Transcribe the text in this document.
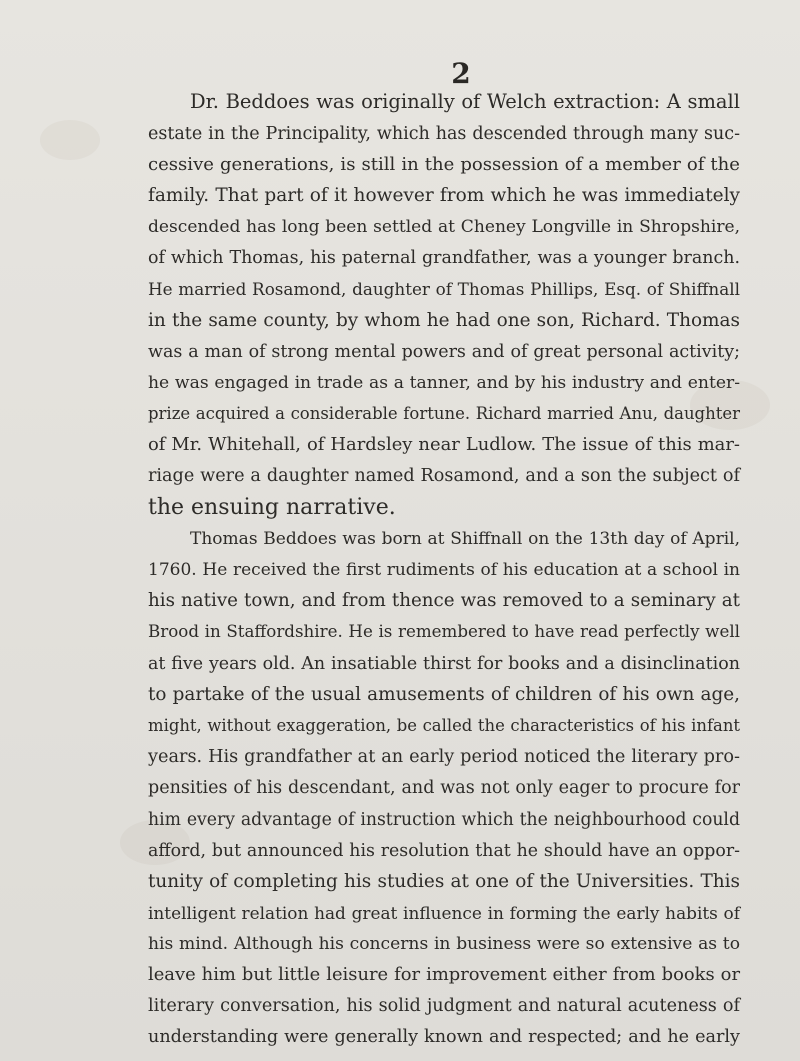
2
Dr. Beddoes was originally of Welch extraction: A small
estate in the Principality, which has descended through many suc-
cessive generations, is still in the possession of a member of the
family. That part of it however from which he was immediately
descended has long been settled at Cheney Longville in Shropshire,
of which Thomas, his paternal grandfather, was a younger branch.
He married Rosamond, daughter of Thomas Phillips, Esq. of Shiffnall
in the same county, by whom he had one son, Richard. Thomas
was a man of strong mental powers and of great personal activity;
he was engaged in trade as a tanner, and by his industry and enter-
prize acquired a considerable fortune. Richard married Anu, daughter
of Mr. Whitehall, of Hardsley near Ludlow. The issue of this mar-
riage were a daughter named Rosamond, and a son the subject of
the ensuing narrative.
Thomas Beddoes was born at Shiffnall on the 13th day of April,
1760. He received the first rudiments of his education at a school in
his native town, and from thence was removed to a seminary at
Brood in Staffordshire. He is remembered to have read perfectly well
at five years old. An insatiable thirst for books and a disinclination
to partake of the usual amusements of children of his own age,
might, without exaggeration, be called the characteristics of his infant
years. His grandfather at an early period noticed the literary pro-
pensities of his descendant, and was not only eager to procure for
him every advantage of instruction which the neighbourhood could
afford, but announced his resolution that he should have an oppor-
tunity of completing his studies at one of the Universities. This
intelligent relation had great influence in forming the early habits of
his mind. Although his concerns in business were so extensive as to
leave him but little leisure for improvement either from books or
literary conversation, his solid judgment and natural acuteness of
understanding were generally known and respected; and he early
